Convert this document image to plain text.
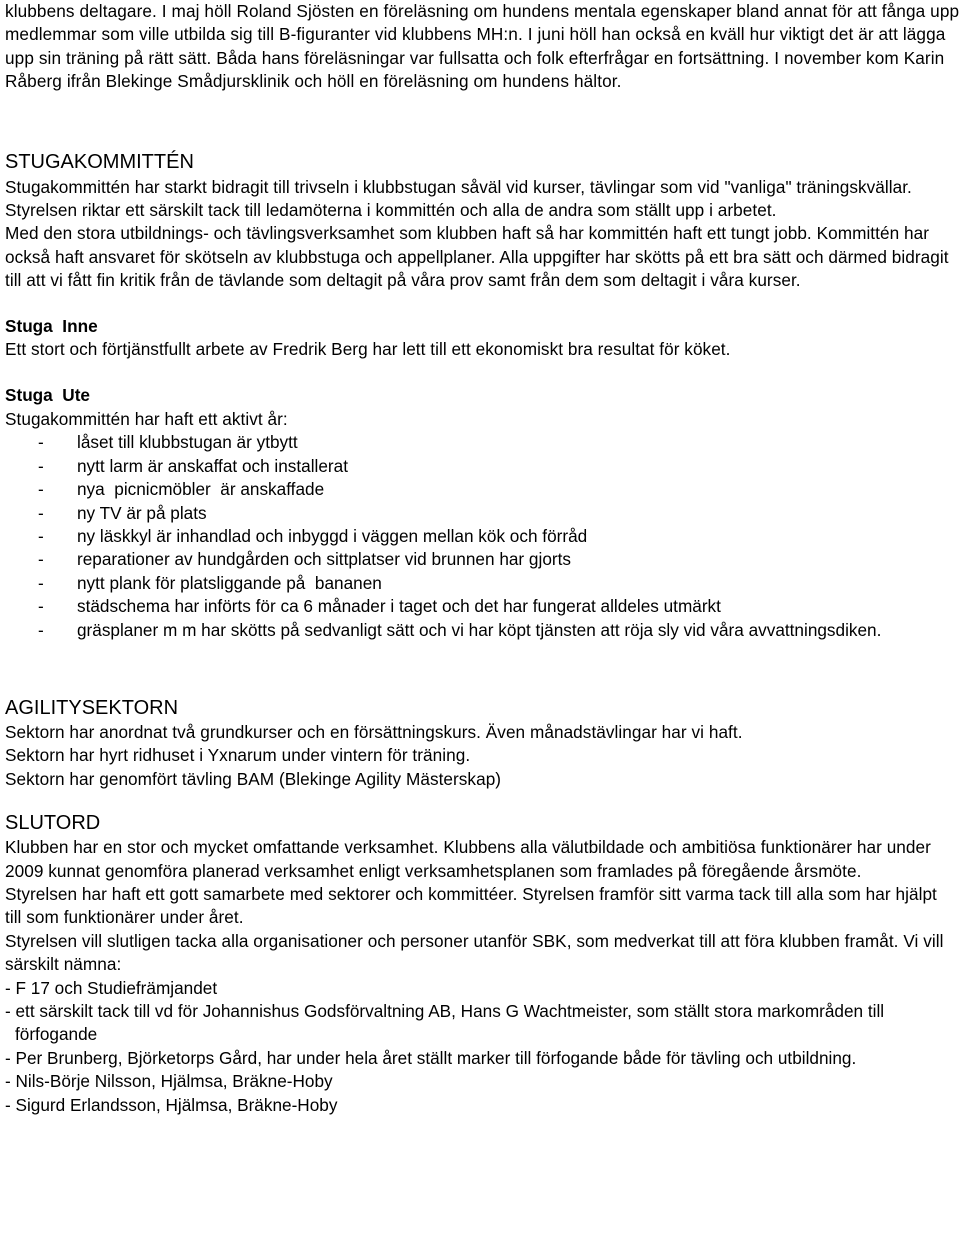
klubbens deltagare. I maj höll Roland Sjösten en föreläsning om hundens mentala egenskaper bland annat för att fånga upp medlemmar som ville utbilda sig till B-figuranter vid klubbens MH:n. I juni höll han också en kväll hur viktigt det är att lägga upp sin träning på rätt sätt. Båda hans föreläsningar var fullsatta och folk efterfrågar en fortsättning. I november kom Karin Råberg ifrån Blekinge Smådjursklinik och höll en föreläsning om hundens hältor.

STUGAKOMMITTÉN

Stugakommittén har starkt bidragit till trivseln i klubbstugan såväl vid kurser, tävlingar som vid "vanliga" träningskvällar. Styrelsen riktar ett särskilt tack till ledamöterna i kommittén och alla de andra som ställt upp i arbetet.

Med den stora utbildnings- och tävlingsverksamhet som klubben haft så har kommittén haft ett tungt jobb. Kommittén har också haft ansvaret för skötseln av klubbstuga och appellplaner. Alla uppgifter har skötts på ett bra sätt och därmed bidragit till att vi fått fin kritik från de tävlande som deltagit på våra prov samt från dem som deltagit i våra kurser.

Stuga  Inne

Ett stort och förtjänstfullt arbete av Fredrik Berg har lett till ett ekonomiskt bra resultat för köket.

Stuga  Ute

Stugakommittén har haft ett aktivt år:

- låset till klubbstugan är ytbytt
- nytt larm är anskaffat och installerat
- nya  picnicmöbler  är anskaffade
- ny TV är på plats
- ny läskkyl är inhandlad och inbyggd i väggen mellan kök och förråd
- reparationer av hundgården och sittplatser vid brunnen har gjorts
- nytt plank för platsliggande på  bananen
- städschema har införts för ca 6 månader i taget och det har fungerat alldeles utmärkt
- gräsplaner m m har skötts på sedvanligt sätt och vi har köpt tjänsten att röja sly vid våra avvattningsdiken.
AGILITYSEKTORN

Sektorn har anordnat två grundkurser och en försättningskurs. Även månadstävlingar har vi haft.

Sektorn har hyrt ridhuset i Yxnarum under vintern för träning.

Sektorn har genomfört tävling BAM (Blekinge Agility Mästerskap)

SLUTORD

Klubben har en stor och mycket omfattande verksamhet. Klubbens alla välutbildade och ambitiösa funktionärer har under 2009 kunnat genomföra planerad verksamhet enligt verksamhetsplanen som framlades på föregående årsmöte.

Styrelsen har haft ett gott samarbete med sektorer och kommittéer. Styrelsen framför sitt varma tack till alla som har hjälpt till som funktionärer under året.

Styrelsen vill slutligen tacka alla organisationer och personer utanför SBK, som medverkat till att föra klubben framåt. Vi vill särskilt nämna:

- F 17 och Studiefrämjandet

- ett särskilt tack till vd för Johannishus Godsförvaltning AB, Hans G Wachtmeister, som ställt stora markområden till förfogande

- Per Brunberg, Björketorps Gård, har under hela året ställt marker till förfogande både för tävling och utbildning.

- Nils-Börje Nilsson, Hjälmsa, Bräkne-Hoby

- Sigurd Erlandsson, Hjälmsa, Bräkne-Hoby
